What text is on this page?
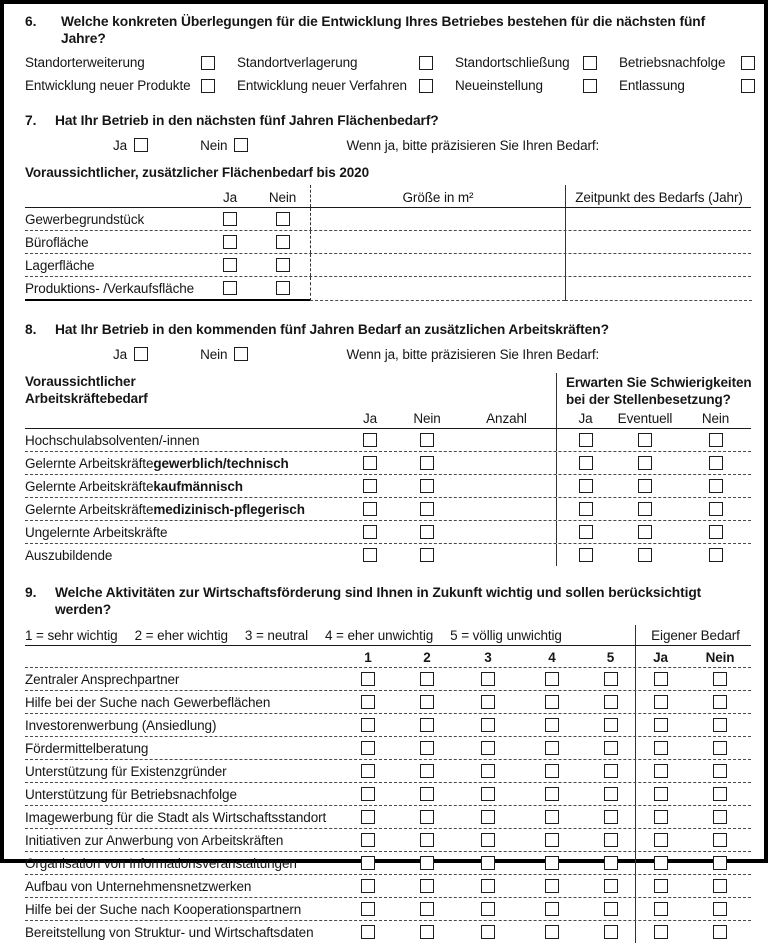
6.	Welche konkreten Überlegungen für die Entwicklung Ihres Betriebes bestehen für die nächsten fünf Jahre?
Standorterweiterung	Standortverlagerung	Standortschließung	Betriebsnachfolge
Entwicklung neuer Produkte	Entwicklung neuer Verfahren	Neueinstellung	Entlassung
7.	Hat Ihr Betrieb in den nächsten fünf Jahren Flächenbedarf?
Ja	Nein	Wenn ja, bitte präzisieren Sie Ihren Bedarf:
Voraussichtlicher, zusätzlicher Flächenbedarf bis 2020
Ja	Nein	Größe in m²	Zeitpunkt des Bedarfs (Jahr)
Gewerbegrundstück
Bürofläche
Lagerfläche
Produktions- /Verkaufsfläche
8.	Hat Ihr Betrieb in den kommenden fünf Jahren Bedarf an zusätzlichen Arbeitskräften?
Ja	Nein	Wenn ja, bitte präzisieren Sie Ihren Bedarf:
Voraussichtlicher
Arbeitskräftebedarf
Erwarten Sie Schwierigkeiten
bei der Stellenbesetzung?
Ja	Nein	Anzahl	Ja	Eventuell	Nein
Hochschulabsolventen/-innen
Gelernte Arbeitskräfte gewerblich/technisch
Gelernte Arbeitskräfte kaufmännisch
Gelernte Arbeitskräfte medizinisch-pflegerisch
Ungelernte Arbeitskräfte
Auszubildende
9.	Welche Aktivitäten zur Wirtschaftsförderung sind Ihnen in Zukunft wichtig und sollen berücksichtigt werden?
1 = sehr wichtig 2 = eher wichtig 3 = neutral 4 = eher unwichtig 5 = völlig unwichtig	Eigener Bedarf
1	2	3	4	5	Ja	Nein
Zentraler Ansprechpartner
Hilfe bei der Suche nach Gewerbeflächen
Investorenwerbung (Ansiedlung)
Fördermittelberatung
Unterstützung für Existenzgründer
Unterstützung für Betriebsnachfolge
Imagewerbung für die Stadt als Wirtschaftsstandort
Initiativen zur Anwerbung von Arbeitskräften
Organisation von Informationsveranstaltungen
Aufbau von Unternehmensnetzwerken
Hilfe bei der Suche nach Kooperationspartnern
Bereitstellung von Struktur- und Wirtschaftsdaten
